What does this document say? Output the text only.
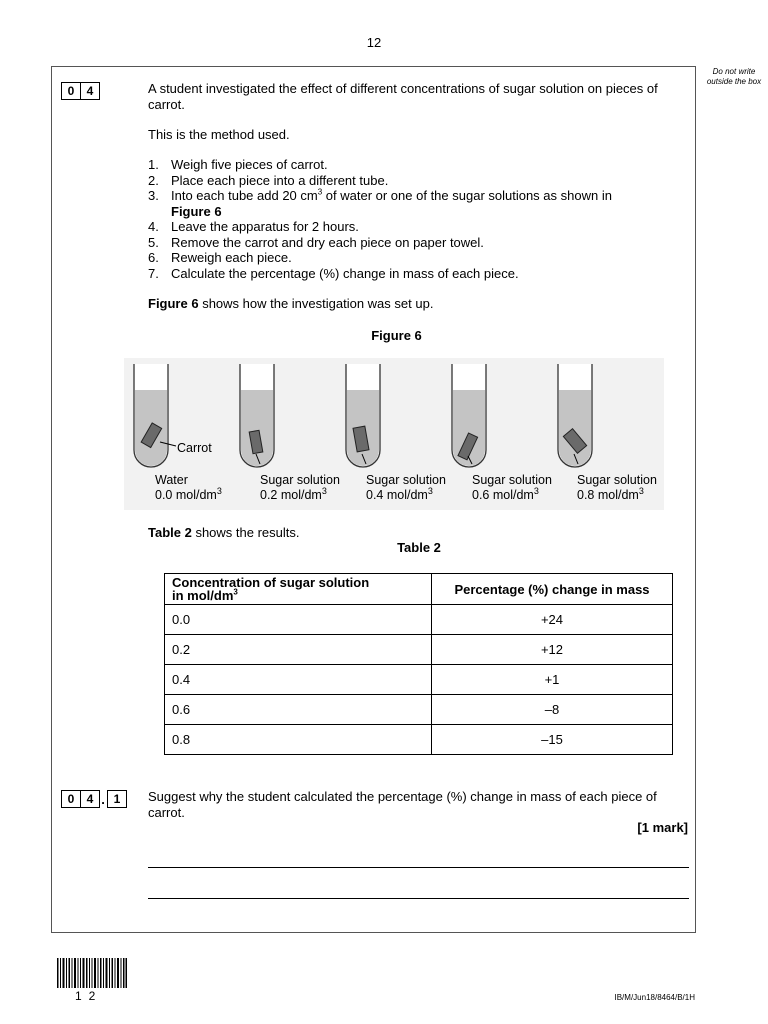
12
Do not write outside the box
0	4	A student investigated the effect of different concentrations of sugar solution on pieces of carrot.
This is the method used.
1. Weigh five pieces of carrot.
2. Place each piece into a different tube.
3. Into each tube add 20 $cm^3$ of water or one of the sugar solutions as shown in
Figure 6
4. Leave the apparatus for 2 hours.
5. Remove the carrot and dry each piece on paper towel.
6. Reweigh each piece.
7. Calculate the percentage (%) change in mass of each piece.
Figure 6 shows how the investigation was set up.
Figure 6
Carrot
Water
0.0 mol/$dm^3$
Sugar solution
0.2 mol/$dm^3$
Sugar solution
0.4 mol/$dm^3$
Sugar solution
0.6 mol/$dm^3$
Sugar solution
0.8 mol/$dm^3$
Table 2 shows the results.
Table 2
Concentration of sugar solution
in mol/$dm^3$	Percentage (%) change in mass
0.0	+24
0.2	+12
0.4	+1
0.6	–8
0.8	–15
0	4 . 1	Suggest why the student calculated the percentage (%) change in mass of each piece of carrot.
[1 mark]
12	IB/M/Jun18/8464/B/1H
